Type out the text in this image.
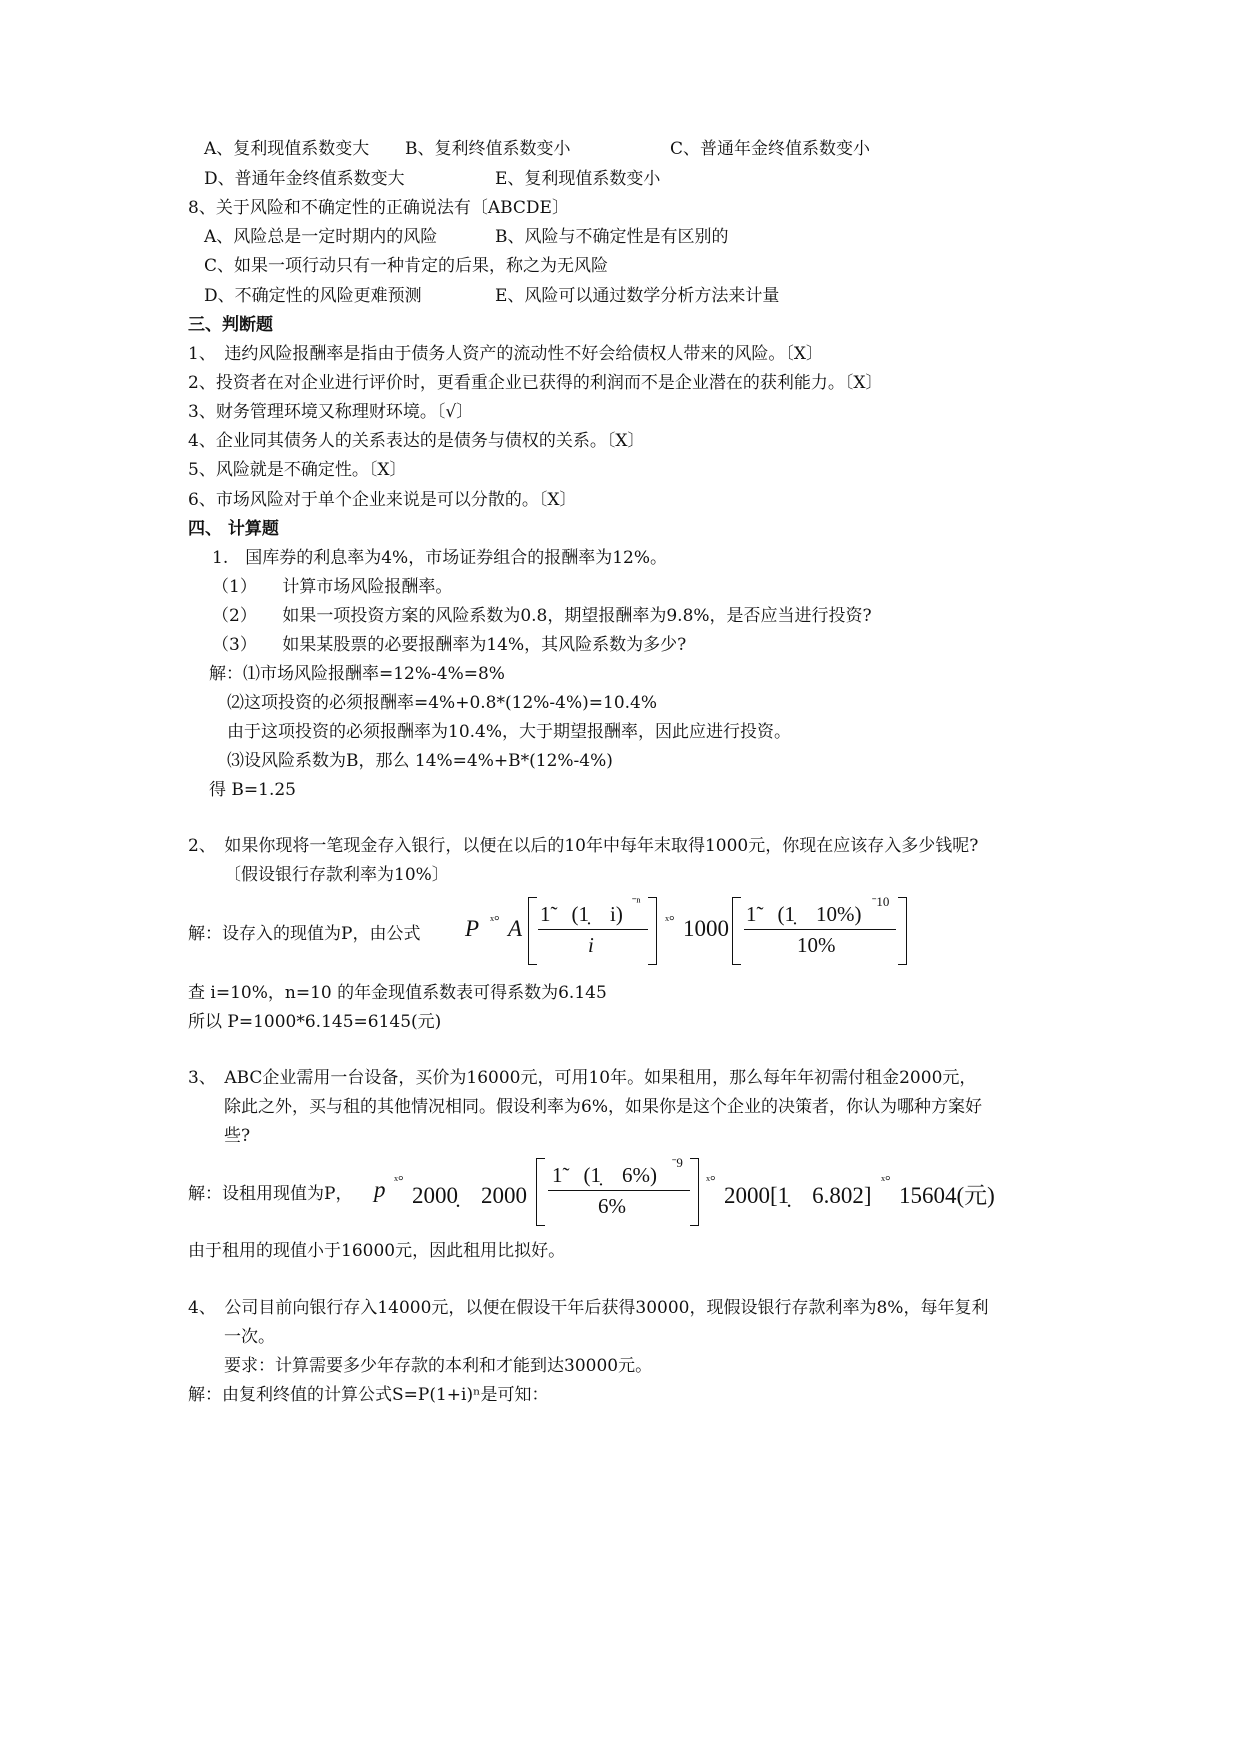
A、复利现值系数变大 B、复利终值系数变小	C、普通年金终值系数变小
D、普通年金终值系数变大	E、复利现值系数变小
8、关于风险和不确定性的正确说法有〔ABCDE〕
A、风险总是一定时期内的风险	B、风险与不确定性是有区别的
C、如果一项行动只有一种肯定的后果，称之为无风险
D、不确定性的风险更难预测	E、风险可以通过数学分析方法来计量
三、判断题
1、　违约风险报酬率是指由于债务人资产的流动性不好会给债权人带来的风险。〔X〕
2、投资者在对企业进行评价时，更看重企业已获得的利润而不是企业潜在的获利能力。〔X〕
3、财务管理环境又称理财环境。〔√〕
4、企业同其债务人的关系表达的是债务与债权的关系。〔X〕
5、风险就是不确定性。〔X〕
6、市场风险对于单个企业来说是可以分散的。〔X〕
四、 计算题
1.　国库券的利息率为4%，市场证券组合的报酬率为12%。
（1）　　计算市场风险报酬率。
（2）　　如果一项投资方案的风险系数为0.8，期望报酬率为9.8%，是否应当进行投资?
（3）　　如果某股票的必要报酬率为14%，其风险系数为多少?
解：⑴市场风险报酬率=12%-4%=8%
⑵这项投资的必须报酬率=4%+0.8*(12%-4%)=10.4%
由于这项投资的必须报酬率为10.4%，大于期望报酬率，因此应进行投资。
⑶设风险系数为B，那么 14%=4%+B*(12%-4%)
得 B=1.25
2、　如果你现将一笔现金存入银行，以便在以后的10年中每年末取得1000元，你现在应该存入多少钱呢?
〔假设银行存款利率为10%〕
解：设存入的现值为P，由公式 P ˣ° A
1̃　(1̣　i)
ˉⁿ
i
ˣ° 1000
1̃　(1̣　10%)
ˉ10
10%
查 i=10%，n=10 的年金现值系数表可得系数为6.145
所以 P=1000*6.145=6145(元)
3、　ABC企业需用一台设备，买价为16000元，可用10年。如果租用，那么每年年初需付租金2000元，
除此之外，买与租的其他情况相同。假设利率为6%，如果你是这个企业的决策者，你认为哪种方案好
些?
解：设租用现值为P， p ˣ°
2000̣　2000
1̃　(1̣　6%)
ˉ9
6%
ˣ°
2000[1̣　6.802]
ˣ°
15604(元)
由于租用的现值小于16000元，因此租用比拟好。
4、　公司目前向银行存入14000元，以便在假设干年后获得30000，现假设银行存款利率为8%，每年复利
一次。
要求：计算需要多少年存款的本利和才能到达30000元。
解：由复利终值的计算公式S=P(1+i)ⁿ是可知：
